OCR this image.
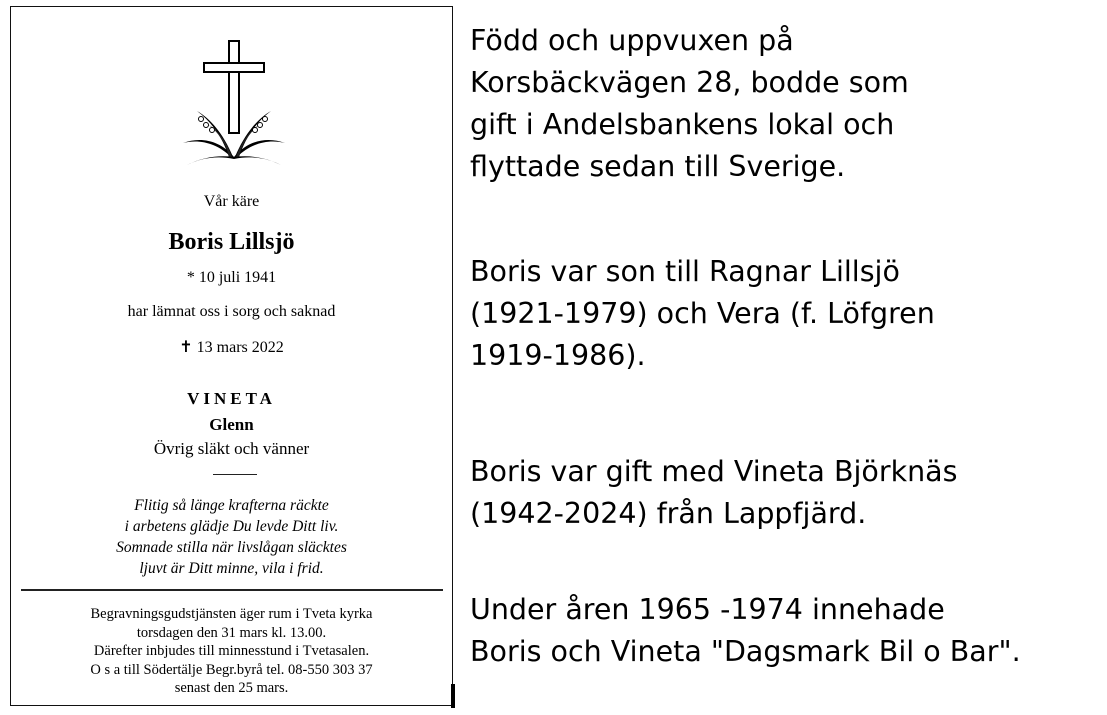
Vår käre
Boris Lillsjö
* 10 juli 1941
har lämnat oss i sorg och saknad
✝ 13 mars 2022
VINETA
Glenn
Övrig släkt och vänner
Flitig så länge krafterna räckte
i arbetens glädje Du levde Ditt liv.
Somnade stilla när livslågan släcktes
ljuvt är Ditt minne, vila i frid.
Begravningsgudstjänsten äger rum i Tveta kyrka
torsdagen den 31 mars kl. 13.00.
Därefter inbjudes till minnesstund i Tvetasalen.
O s a till Södertälje Begr.byrå tel. 08-550 303 37
senast den 25 mars.
Född och uppvuxen på
Korsbäckvägen 28, bodde som
gift i Andelsbankens lokal och
flyttade sedan till Sverige.
Boris var son till Ragnar Lillsjö
(1921-1979) och Vera (f. Löfgren
1919-1986).
Boris var gift med Vineta Björknäs
(1942-2024) från Lappfjärd.
Under åren 1965 -1974 innehade
Boris och Vineta "Dagsmark Bil o Bar".
